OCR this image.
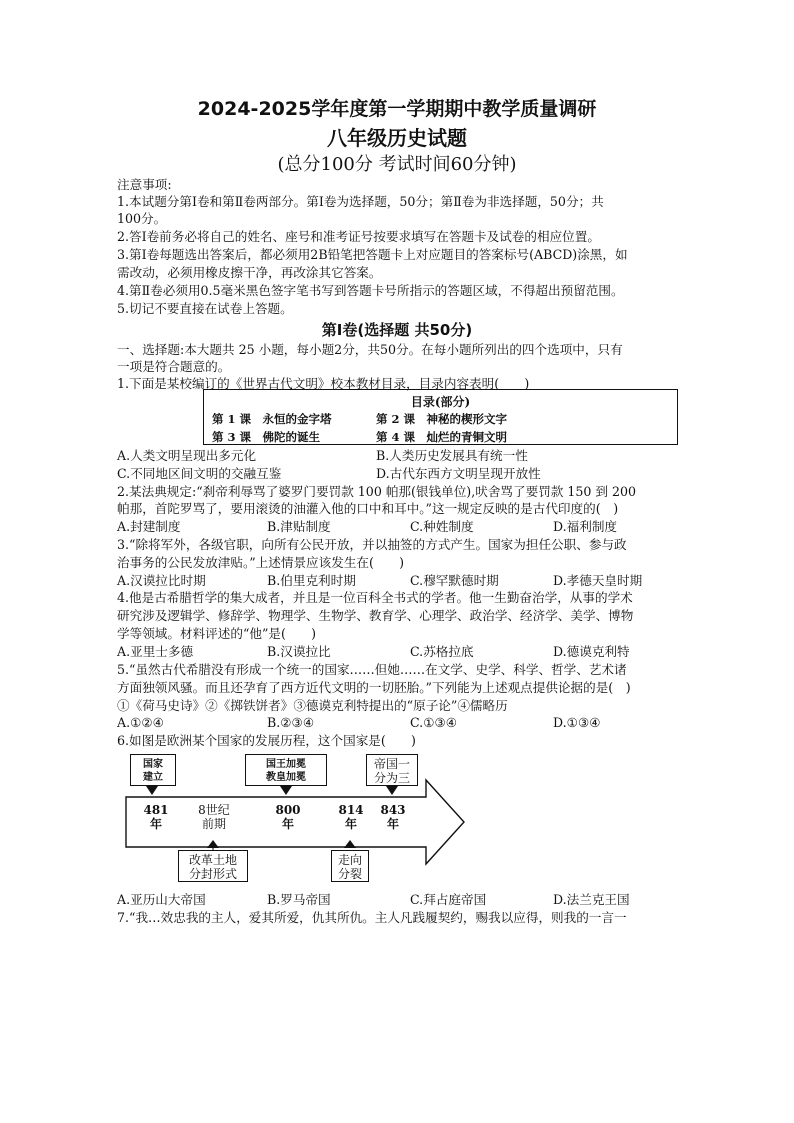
2024-2025学年度第一学期期中教学质量调研
八年级历史试题
(总分100分 考试时间60分钟)
注意事项:
1.本试题分第Ⅰ卷和第Ⅱ卷两部分。第Ⅰ卷为选择题，50分；第Ⅱ卷为非选择题，50分；共
100分。
2.答Ⅰ卷前务必将自己的姓名、座号和准考证号按要求填写在答题卡及试卷的相应位置。
3.第Ⅰ卷每题选出答案后，都必须用2B铅笔把答题卡上对应题目的答案标号(ABCD)涂黑，如
需改动，必须用橡皮擦干净，再改涂其它答案。
4.第Ⅱ卷必须用0.5毫米黑色签字笔书写到答题卡号所指示的答题区域，不得超出预留范围。
5.切记不要直接在试卷上答题。
第Ⅰ卷(选择题 共50分)
一、选择题:本大题共 25 小题，每小题2分，共50分。在每小题所列出的四个选项中，只有
一项是符合题意的。
1.下面是某校编订的《世界古代文明》校本教材目录，目录内容表明(　　)
目录(部分)
第 1 课　永恒的金字塔	第 2 课　神秘的楔形文字
第 3 课　佛陀的诞生	第 4 课　灿烂的青铜文明
A.人类文明呈现出多元化	B.人类历史发展具有统一性
C.不同地区间文明的交融互鉴	D.古代东西方文明呈现开放性
2.某法典规定:“刹帝利辱骂了婆罗门要罚款 100 帕那(银钱单位),吠舍骂了要罚款 150 到 200
帕那，首陀罗骂了，要用滚烫的油灌入他的口中和耳中。”这一规定反映的是古代印度的(　)
A.封建制度	B.津贴制度	C.种姓制度	D.福利制度
3.“除将军外，各级官职，向所有公民开放，并以抽签的方式产生。国家为担任公职、参与政
治事务的公民发放津贴。”上述情景应该发生在(　　)
A.汉谟拉比时期	B.伯里克利时期	C.穆罕默德时期	D.孝德天皇时期
4.他是古希腊哲学的集大成者，并且是一位百科全书式的学者。他一生勤奋治学，从事的学术
研究涉及逻辑学、修辞学、物理学、生物学、教育学、心理学、政治学、经济学、美学、博物
学等领域。材料评述的“他”是(　　)
A.亚里士多德	B.汉谟拉比	C.苏格拉底	D.德谟克利特
5.“虽然古代希腊没有形成一个统一的国家……但她……在文学、史学、科学、哲学、艺术诸
方面独领风骚。而且还孕育了西方近代文明的一切胚胎。”下列能为上述观点提供论据的是(　)
①《荷马史诗》②《掷铁饼者》③德谟克利特提出的“原子论”④儒略历
A.①②④	B.②③④	C.①③④	D.①③④
6.如图是欧洲某个国家的发展历程，这个国家是(　　)
国家
建立
国王加冕
教皇加冕
帝国一
分为三
481
年
8世纪
前期
800
年
814
年
843
年
改革土地
分封形式
走向
分裂
A.亚历山大帝国	B.罗马帝国	C.拜占庭帝国	D.法兰克王国
7.“我…效忠我的主人，爱其所爱，仇其所仇。主人凡践履契约，赐我以应得，则我的一言一
